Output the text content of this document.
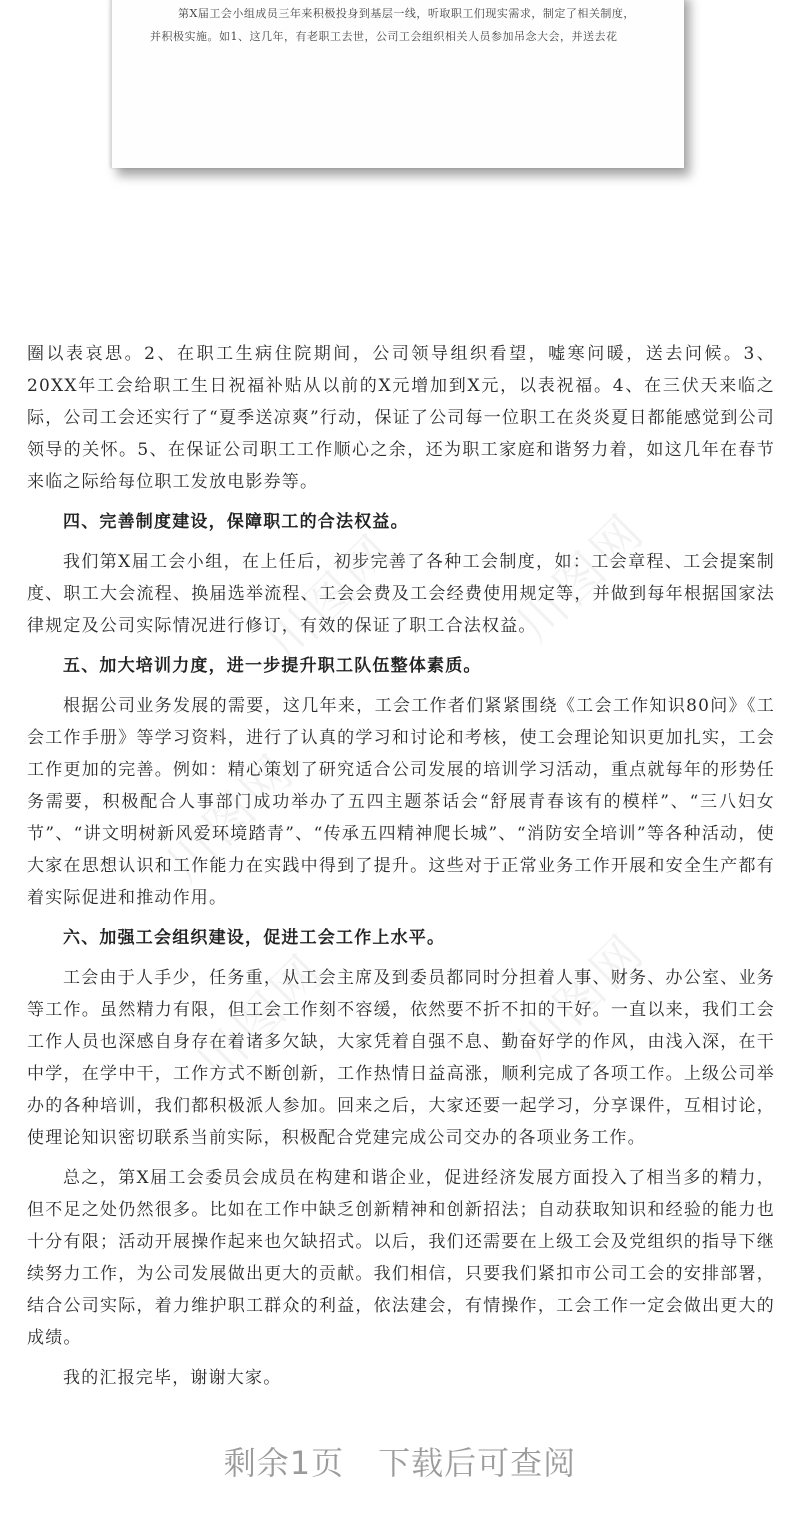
第X届工会小组成员三年来积极投身到基层一线，听取职工们现实需求，制定了相关制度，
并积极实施。如1、这几年，有老职工去世，公司工会组织相关人员参加吊念大会，并送去花
川图网 川图网
川图网	川图网
川图网

圈以表哀思。2、在职工生病住院期间，公司领导组织看望，嘘寒问暖，送去问候。3、20XX年工会给职工生日祝福补贴从以前的X元增加到X元，以表祝福。4、在三伏天来临之际，公司工会还实行了“夏季送凉爽”行动，保证了公司每一位职工在炎炎夏日都能感觉到公司领导的关怀。5、在保证公司职工工作顺心之余，还为职工家庭和谐努力着，如这几年在春节来临之际给每位职工发放电影券等。

四、完善制度建设，保障职工的合法权益。

我们第X届工会小组，在上任后，初步完善了各种工会制度，如：工会章程、工会提案制度、职工大会流程、换届选举流程、工会会费及工会经费使用规定等，并做到每年根据国家法律规定及公司实际情况进行修订，有效的保证了职工合法权益。

五、加大培训力度，进一步提升职工队伍整体素质。

根据公司业务发展的需要，这几年来，工会工作者们紧紧围绕《工会工作知识80问》《工会工作手册》等学习资料，进行了认真的学习和讨论和考核，使工会理论知识更加扎实，工会工作更加的完善。例如：精心策划了研究适合公司发展的培训学习活动，重点就每年的形势任务需要，积极配合人事部门成功举办了五四主题茶话会“舒展青春该有的模样”、“三八妇女节”、“讲文明树新风爱环境踏青”、“传承五四精神爬长城”、“消防安全培训”等各种活动，使大家在思想认识和工作能力在实践中得到了提升。这些对于正常业务工作开展和安全生产都有着实际促进和推动作用。

六、加强工会组织建设，促进工会工作上水平。

工会由于人手少，任务重，从工会主席及到委员都同时分担着人事、财务、办公室、业务等工作。虽然精力有限，但工会工作刻不容缓，依然要不折不扣的干好。一直以来，我们工会工作人员也深感自身存在着诸多欠缺，大家凭着自强不息、勤奋好学的作风，由浅入深，在干中学，在学中干，工作方式不断创新，工作热情日益高涨，顺利完成了各项工作。上级公司举办的各种培训，我们都积极派人参加。回来之后，大家还要一起学习，分享课件，互相讨论，使理论知识密切联系当前实际，积极配合党建完成公司交办的各项业务工作。

总之，第X届工会委员会成员在构建和谐企业，促进经济发展方面投入了相当多的精力，但不足之处仍然很多。比如在工作中缺乏创新精神和创新招法；自动获取知识和经验的能力也十分有限；活动开展操作起来也欠缺招式。以后，我们还需要在上级工会及党组织的指导下继续努力工作，为公司发展做出更大的贡献。我们相信，只要我们紧扣市公司工会的安排部署，结合公司实际，着力维护职工群众的利益，依法建会，有情操作，工会工作一定会做出更大的成绩。

我的汇报完毕，谢谢大家。

剩余1页 下载后可查阅
